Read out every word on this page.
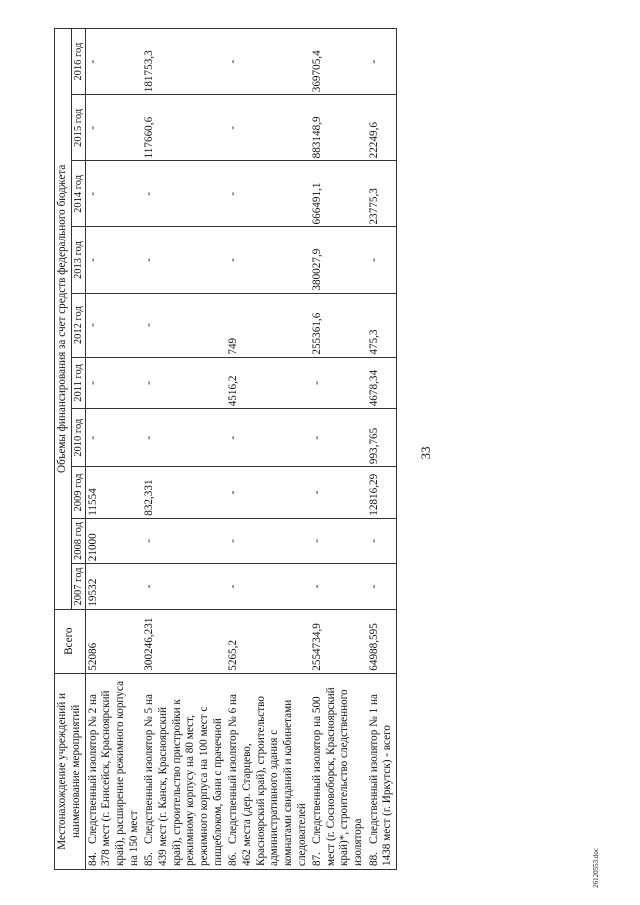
33
26120553.doc
Местонахождение учреждений и наименование мероприятий	Всего	Объемы финансирования за счет средств федерального бюджета									
		2007 год	2008 год	2009 год	2010 год	2011 год	2012 год	2013 год	2014 год	2015 год	2016 год
84.Следственный изолятор № 2 на 378 мест (г. Енисейск, Красноярский край), расширение режимного корпуса на 150 мест	52086	19532	21000	11554	-	-	-	-	-	-	-
85.Следственный изолятор № 5 на 439 мест (г. Канск, Красноярский край), строительство пристройки к режимному корпусу на 80 мест, режимного корпуса на 100 мест с пищеблоком, бани с прачечной	300246,231	-	-	832,331	-	-	-	-	-	117660,6	181753,3
86.Следственный изолятор № 6 на 462 места (дер. Старцево, Красноярский край), строительство административного здания с комнатами свиданий и кабинетами следователей	5265,2	-	-	-	-	4516,2	749	-	-	-	-
87.Следственный изолятор на 500 мест (г. Сосновоборск, Красноярский край)*, строительство следственного изолятора	2554734,9	-	-	-	-	-	255361,6	380027,9	666491,1	883148,9	369705,4
88.Следственный изолятор № 1 на 1438 мест (г. Иркутск) - всего	64988,595	-	-	12816,29	993,765	4678,34	475,3	-	23775,3	22249,6	-
